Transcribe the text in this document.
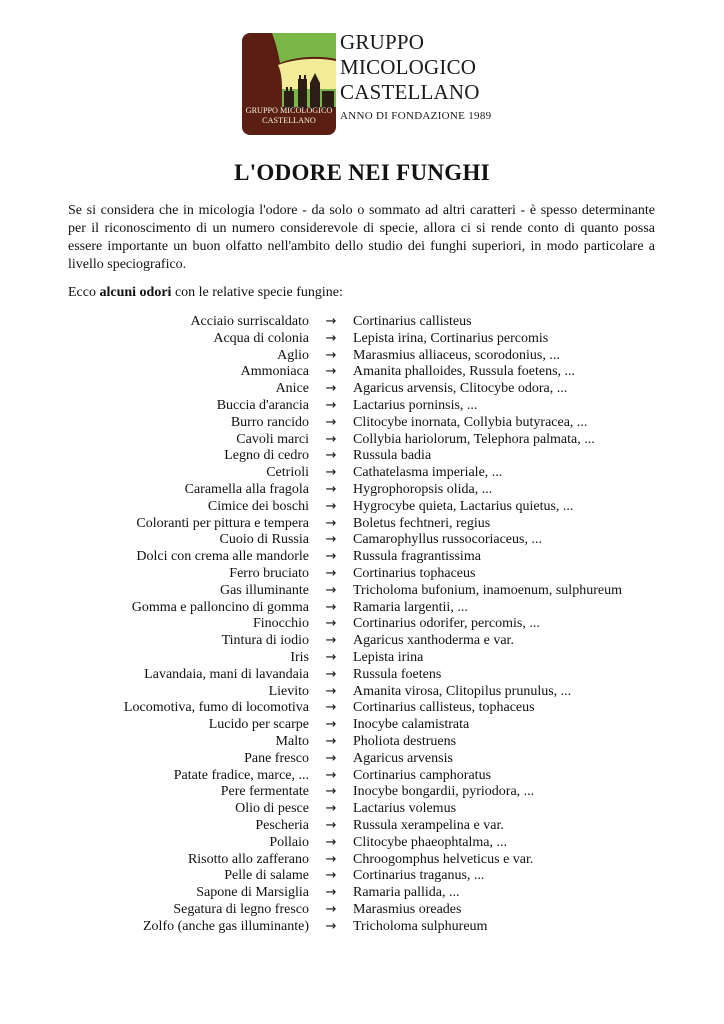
GRUPPO MICOLOGICO
CASTELLANO
GRUPPO
MICOLOGICO
CASTELLANO
ANNO DI FONDAZIONE 1989
L'ODORE NEI FUNGHI

Se si considera che in micologia l'odore - da solo o sommato ad altri caratteri - è spesso determinante per il riconoscimento di un numero considerevole di specie, allora ci si rende conto di quanto possa essere importante un buon olfatto nell'ambito dello studio dei funghi superiori, in modo particolare a livello speciografico.

Ecco alcuni odori con le relative specie fungine:

Acciaio surriscaldato	→	Cortinarius callisteus
Acqua di colonia	→	Lepista irina, Cortinarius percomis
Aglio	→	Marasmius alliaceus, scorodonius, ...
Ammoniaca	→	Amanita phalloides, Russula foetens, ...
Anice	→	Agaricus arvensis, Clitocybe odora, ...
Buccia d'arancia	→	Lactarius porninsis, ...
Burro rancido	→	Clitocybe inornata, Collybia butyracea, ...
Cavoli marci	→	Collybia hariolorum, Telephora palmata, ...
Legno di cedro	→	Russula badia
Cetrioli	→	Cathatelasma imperiale, ...
Caramella alla fragola	→	Hygrophoropsis olida, ...
Cimice dei boschi	→	Hygrocybe quieta, Lactarius quietus, ...
Coloranti per pittura e tempera	→	Boletus fechtneri, regius
Cuoio di Russia	→	Camarophyllus russocoriaceus, ...
Dolci con crema alle mandorle	→	Russula fragrantissima
Ferro bruciato	→	Cortinarius tophaceus
Gas illuminante	→	Tricholoma bufonium, inamoenum, sulphureum
Gomma e palloncino di gomma	→	Ramaria largentii, ...
Finocchio	→	Cortinarius odorifer, percomis, ...
Tintura di iodio	→	Agaricus xanthoderma e var.
Iris	→	Lepista irina
Lavandaia, mani di lavandaia	→	Russula foetens
Lievito	→	Amanita virosa, Clitopilus prunulus, ...
Locomotiva, fumo di locomotiva	→	Cortinarius callisteus, tophaceus
Lucido per scarpe	→	Inocybe calamistrata
Malto	→	Pholiota destruens
Pane fresco	→	Agaricus arvensis
Patate fradice, marce, ...	→	Cortinarius camphoratus
Pere fermentate	→	Inocybe bongardii, pyriodora, ...
Olio di pesce	→	Lactarius volemus
Pescheria	→	Russula xerampelina e var.
Pollaio	→	Clitocybe phaeophtalma, ...
Risotto allo zafferano	→	Chroogomphus helveticus e var.
Pelle di salame	→	Cortinarius traganus, ...
Sapone di Marsiglia	→	Ramaria pallida, ...
Segatura di legno fresco	→	Marasmius oreades
Zolfo (anche gas illuminante)	→	Tricholoma sulphureum
